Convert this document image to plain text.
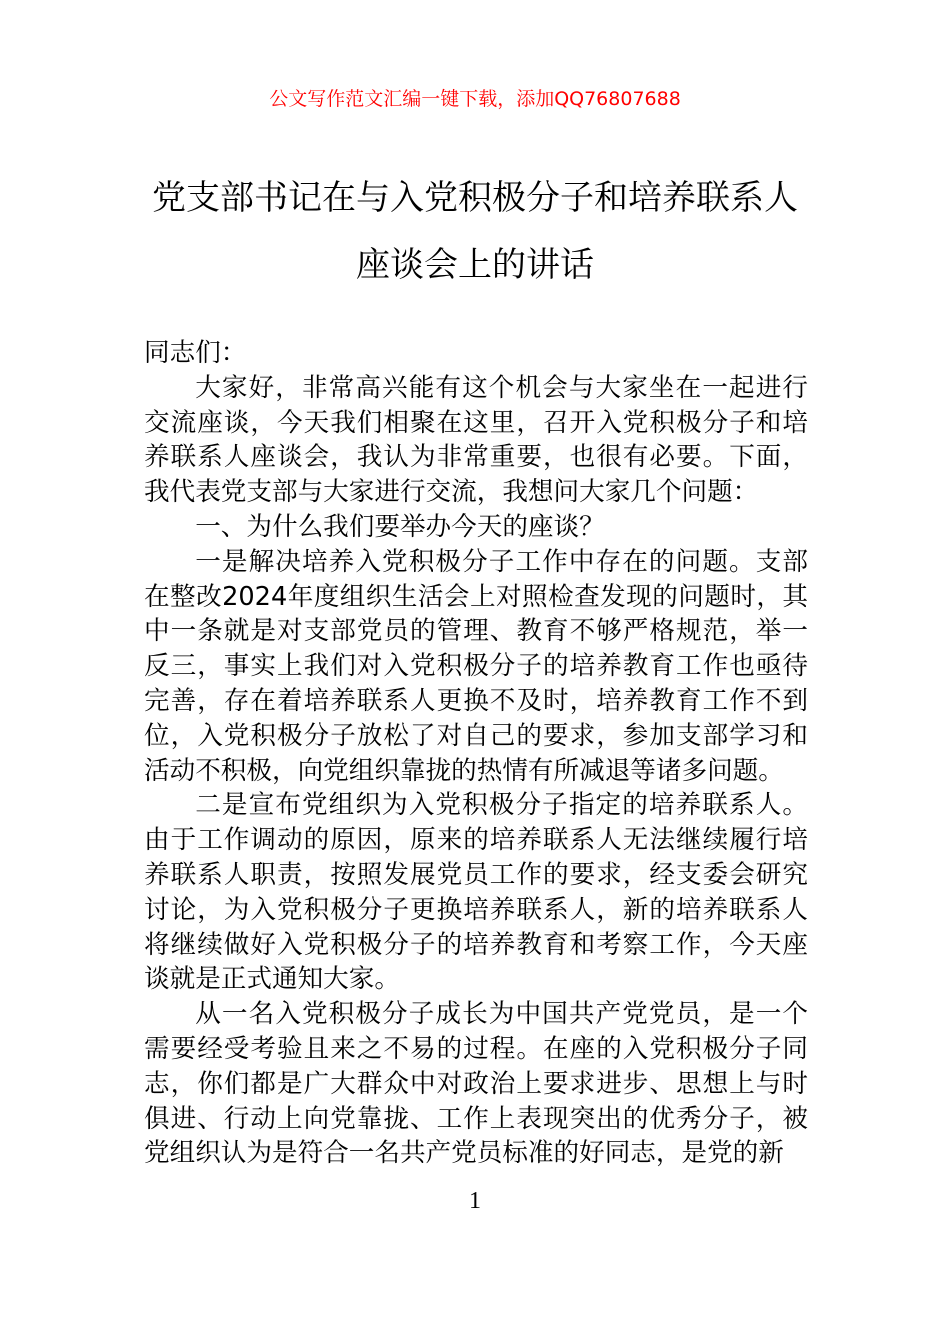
公文写作范文汇编一键下载，添加QQ76807688
党支部书记在与入党积极分子和培养联系人座谈会上的讲话

同志们：

大家好，非常高兴能有这个机会与大家坐在一起进行交流座谈，今天我们相聚在这里，召开入党积极分子和培养联系人座谈会，我认为非常重要，也很有必要。下面，我代表党支部与大家进行交流，我想问大家几个问题：

一、为什么我们要举办今天的座谈？

一是解决培养入党积极分子工作中存在的问题。支部在整改2024年度组织生活会上对照检查发现的问题时，其中一条就是对支部党员的管理、教育不够严格规范，举一反三，事实上我们对入党积极分子的培养教育工作也亟待完善，存在着培养联系人更换不及时，培养教育工作不到位，入党积极分子放松了对自己的要求，参加支部学习和活动不积极，向党组织靠拢的热情有所减退等诸多问题。

二是宣布党组织为入党积极分子指定的培养联系人。由于工作调动的原因，原来的培养联系人无法继续履行培养联系人职责，按照发展党员工作的要求，经支委会研究讨论，为入党积极分子更换培养联系人，新的培养联系人将继续做好入党积极分子的培养教育和考察工作，今天座谈就是正式通知大家。

从一名入党积极分子成长为中国共产党党员，是一个需要经受考验且来之不易的过程。在座的入党积极分子同志，你们都是广大群众中对政治上要求进步、思想上与时俱进、行动上向党靠拢、工作上表现突出的优秀分子，被党组织认为是符合一名共产党员标准的好同志，是党的新

1
